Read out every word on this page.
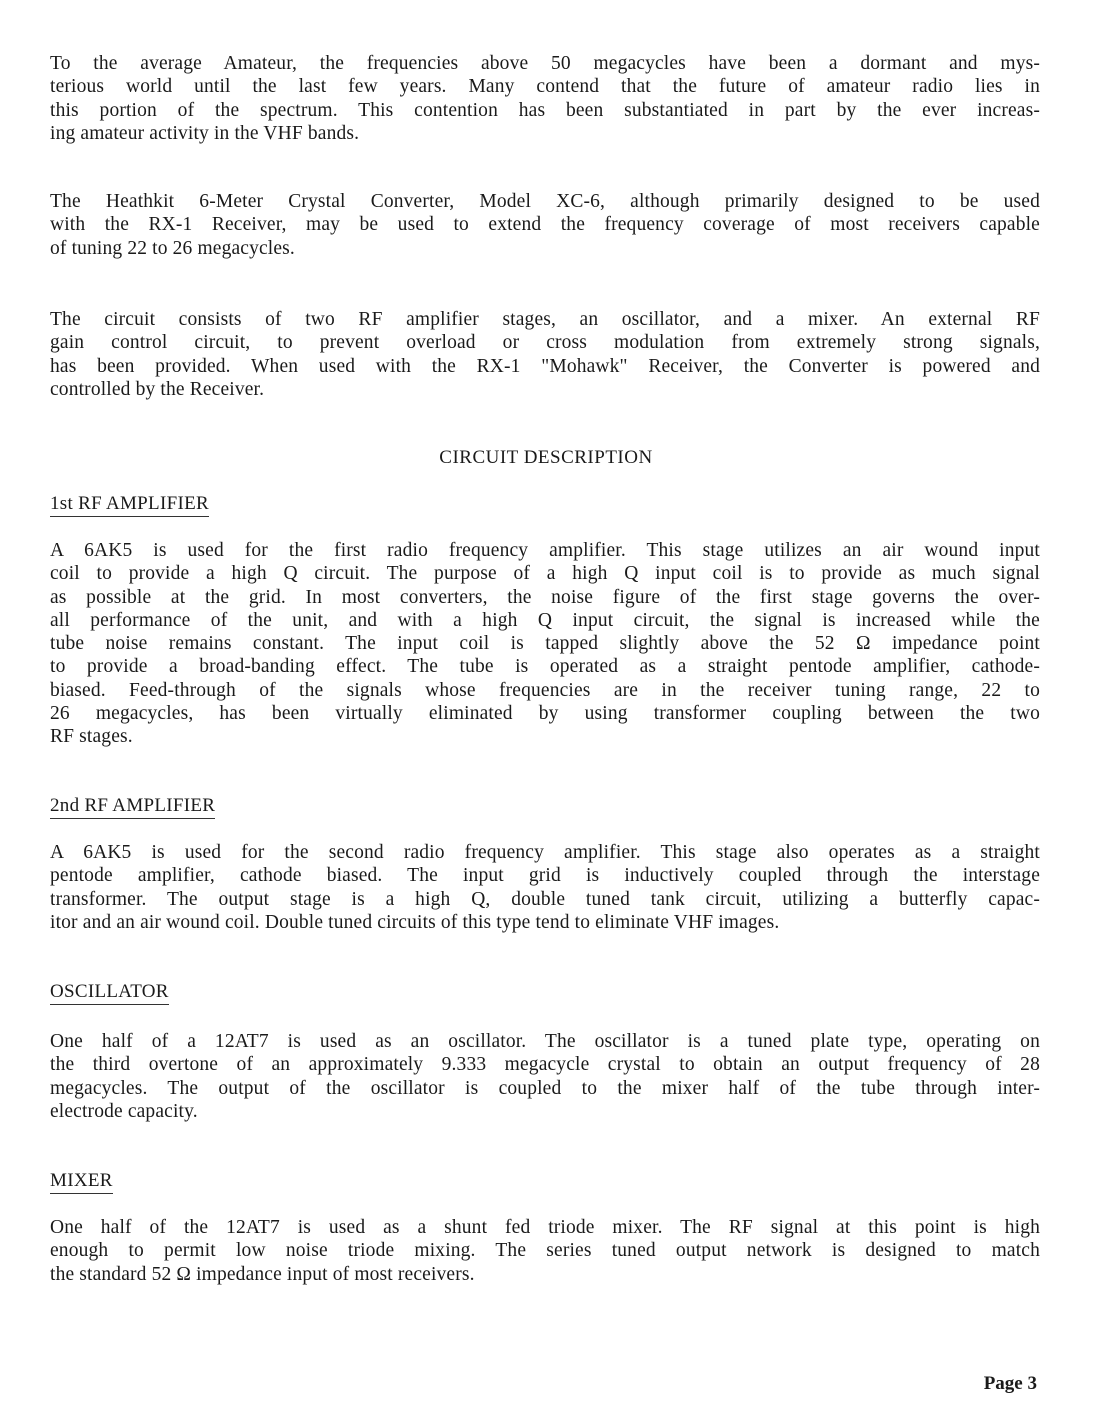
To the average Amateur, the frequencies above 50 megacycles have been a dormant and mys-
terious world until the last few years. Many contend that the future of amateur radio lies in
this portion of the spectrum. This contention has been substantiated in part by the ever increas-
ing amateur activity in the VHF bands.
The Heathkit 6-Meter Crystal Converter, Model XC-6, although primarily designed to be used
with the RX-1 Receiver, may be used to extend the frequency coverage of most receivers capable
of tuning 22 to 26 megacycles.
The circuit consists of two RF amplifier stages, an oscillator, and a mixer. An external RF
gain control circuit, to prevent overload or cross modulation from extremely strong signals,
has been provided. When used with the RX-1 "Mohawk" Receiver, the Converter is powered and
controlled by the Receiver.
CIRCUIT DESCRIPTION
1st RF AMPLIFIER
A 6AK5 is used for the first radio frequency amplifier. This stage utilizes an air wound input
coil to provide a high Q circuit. The purpose of a high Q input coil is to provide as much signal
as possible at the grid. In most converters, the noise figure of the first stage governs the over-
all performance of the unit, and with a high Q input circuit, the signal is increased while the
tube noise remains constant. The input coil is tapped slightly above the 52 Ω impedance point
to provide a broad-banding effect. The tube is operated as a straight pentode amplifier, cathode-
biased. Feed-through of the signals whose frequencies are in the receiver tuning range, 22 to
26 megacycles, has been virtually eliminated by using transformer coupling between the two
RF stages.
2nd RF AMPLIFIER
A 6AK5 is used for the second radio frequency amplifier. This stage also operates as a straight
pentode amplifier, cathode biased. The input grid is inductively coupled through the interstage
transformer. The output stage is a high Q, double tuned tank circuit, utilizing a butterfly capac-
itor and an air wound coil. Double tuned circuits of this type tend to eliminate VHF images.
OSCILLATOR
One half of a 12AT7 is used as an oscillator. The oscillator is a tuned plate type, operating on
the third overtone of an approximately 9.333 megacycle crystal to obtain an output frequency of 28
megacycles. The output of the oscillator is coupled to the mixer half of the tube through inter-
electrode capacity.
MIXER
One half of the 12AT7 is used as a shunt fed triode mixer. The RF signal at this point is high
enough to permit low noise triode mixing. The series tuned output network is designed to match
the standard 52 Ω impedance input of most receivers.
Page 3
